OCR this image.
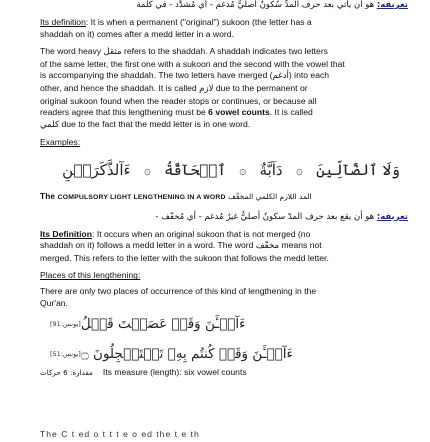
تعريفه: هو أن يأتي بعد حرف المدِّ سُكونٌ أصليٌّ مُدغم - أي مُشدَّد - في كلمة

Its definition: It is when a permanent ("original") sukoon (the letter has a
shaddah on it) comes after a medd letter in a word.

The word heavy مثقل refers to the shaddah. A shaddah indicates two letters

of the same letter, the first one with a sukoon and the second with the vowel that

is accompanying the shaddah. The two letters have merged (أدغم) into each

other, and hence the shaddah. It is called لازم due to the permanent or

original sukoon found when the reader stops or continues, or because all

readers agree that this lengthening must be 6 vowel counts. It is called

كلمي due to the fact that the medd letter is in one word.

Examples:

وَلَا ٱلضَّآلِّينَ
۞
دَآبَّةٌ
۞
ٱلۡحَآقَّةُ
۞
ءَآلذَّكَرَيۡنِ

The COMPULSORY LIGHT LENGTHENING IN A WORD المد اللازم الكلمي المخفّف

تعريفه: هو أن يقع بعد حرف المدّ سكونٌ أصليٌّ غيرُ مُدغم - أي مُخفّف -

Its Definition: It occurs when an original sukoon that is not merged (no

shaddah on it) follows a medd letter in a word. The word مخفّف means not

merged. This refers to the letter with the sukoon that follows the medd letter.

Places of this lengthening:

There are only two places of occurrence of this kind of lengthening in the

Qur'an.

ءَآلۡـَٔنَ وَقَدۡ عَصَيۡتَ قَبۡلُ
[يونس:91]
ءَآلۡـَٔنَ وَقَدۡ كُنتُم بِهِۦ تَسۡتَعۡجِلُونَ ۝
[يونس:51]
مقداره: 6 حركات Its measure (length): six vowel counts
The C t ed o t t t e o ed the t e th
